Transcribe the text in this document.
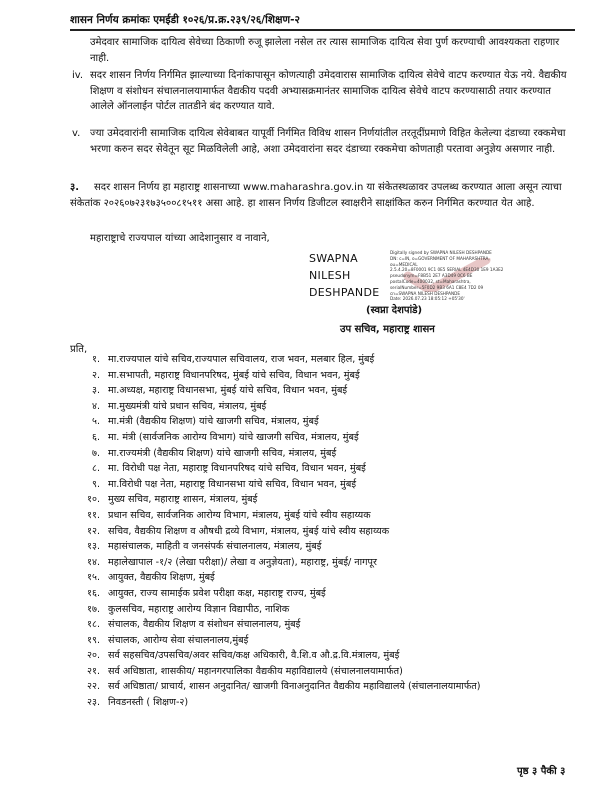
शासन निर्णय क्रमांकः एमईडी १०२६/प्र.क्र.२३९/२६/शिक्षण-२
उमेदवार सामाजिक दायित्व सेवेच्या ठिकाणी रुजू झालेला नसेल तर त्यास सामाजिक दायित्व सेवा पुर्ण करण्याची आवश्यकता राहणार नाही.
iv. सदर शासन निर्णय निर्गमित झाल्याच्या दिनांकापासून कोणत्याही उमेदवारास सामाजिक दायित्व सेवेचे वाटप करण्यात येऊ नये. वैद्यकीय शिक्षण व संशोधन संचालनालयामार्फत वैद्यकीय पदवी अभ्यासक्रमानंतर सामाजिक दायित्व सेवेचे वाटप करण्यासाठी तयार करण्यात आलेले ऑनलाईन पोर्टल तातडीने बंद करण्यात यावे.
v. ज्या उमेदवारांनी सामाजिक दायित्व सेवेबाबत यापूर्वी निर्गमित विविध शासन निर्णयांतील तरतूदींप्रमाणे विहित केलेल्या दंडाच्या रक्कमेचा भरणा करुन सदर सेवेतून सूट मिळविलेली आहे, अशा उमेदवारांना सदर दंडाच्या रक्कमेचा कोणताही परतावा अनुज्ञेय असणार नाही.
३.	सदर शासन निर्णय हा महाराष्ट्र शासनाच्या www.maharashra.gov.in या संकेतस्थळावर उपलब्ध करण्यात आला असून त्याचा संकेतांक २०२६०७२३१७३५००८१५११ असा आहे. हा शासन निर्णय डिजीटल स्वाक्षरीने साक्षांकित करुन निर्गमित करण्यात येत आहे.
महाराष्ट्राचे राज्यपाल यांच्या आदेशानुसार व नावाने,
SWAPNA
NILESH
DESHPANDE
Digitally signed by SWAPNA NILESH DESHPANDE
DN: c=IN, o=GOVERNMENT OF MAHARASHTRA,
ou=MEDICAL
2.5.4.20=8F0001 9C1 0E5 SERIAL 4E4D30 1E9 1A3E2
pseudonym=F8B51 2E7 A3D49 0C6 BE
postalCode=400032, st=Maharashtra,
serialNumber=5F0D2 9B3 6A1 C8E4 7D2 09
cn=SWAPNA NILESH DESHPANDE
Date: 2026.07.23 18:05:12 +05'30'
(स्वप्ना देशपांडे)
उप सचिव, महाराष्ट्र शासन
प्रति,
१. मा.राज्यपाल यांचे सचिव,राज्यपाल सचिवालय, राज भवन, मलबार हिल, मुंबई
२. मा.सभापती, महाराष्ट्र विधानपरिषद, मुंबई यांचे सचिव, विधान भवन, मुंबई
३. मा.अध्यक्ष, महाराष्ट्र विधानसभा, मुंबई यांचे सचिव, विधान भवन, मुंबई
४. मा.मुख्यमंत्री यांचे प्रधान सचिव, मंत्रालय, मुंबई
५. मा.मंत्री (वैद्यकीय शिक्षण) यांचे खाजगी सचिव, मंत्रालय, मुंबई
६. मा. मंत्री (सार्वजनिक आरोग्य विभाग) यांचे खाजगी सचिव, मंत्रालय, मुंबई
७. मा.राज्यमंत्री (वैद्यकीय शिक्षण) यांचे खाजगी सचिव, मंत्रालय, मुंबई
८. मा. विरोधी पक्ष नेता, महाराष्ट्र विधानपरिषद यांचे सचिव, विधान भवन, मुंबई
९. मा.विरोधी पक्ष नेता, महाराष्ट्र विधानसभा यांचे सचिव, विधान भवन, मुंबई
१०. मुख्य सचिव, महाराष्ट्र शासन, मंत्रालय, मुंबई
११. प्रधान सचिव, सार्वजनिक आरोग्य विभाग, मंत्रालय, मुंबई यांचे स्वीय सहाय्यक
१२. सचिव, वैद्यकीय शिक्षण व औषधी द्रव्ये विभाग, मंत्रालय, मुंबई यांचे स्वीय सहाय्यक
१३. महासंचालक, माहिती व जनसंपर्क संचालनालय, मंत्रालय, मुंबई
१४. महालेखापाल -१/२ (लेखा परीक्षा)/ लेखा व अनुज्ञेयता), महाराष्ट्र, मुंबई/ नागपूर
१५. आयुक्त, वैद्यकीय शिक्षण, मुंबई
१६. आयुक्त, राज्य सामाईक प्रवेश परीक्षा कक्ष, महाराष्ट्र राज्य, मुंबई
१७. कुलसचिव, महाराष्ट्र आरोग्य विज्ञान विद्यापीठ, नाशिक
१८. संचालक, वैद्यकीय शिक्षण व संशोधन संचालनालय, मुंबई
१९. संचालक, आरोग्य सेवा संचालनालय,मुंबई
२०. सर्व सहसचिव/उपसचिव/अवर सचिव/कक्ष अधिकारी, वै.शि.व औ.द्र.वि.मंत्रालय, मुंबई
२१. सर्व अधिष्ठाता, शासकीय/ महानगरपालिका वैद्यकीय महाविद्यालये (संचालनालयामार्फत)
२२. सर्व अधिष्ठाता/ प्राचार्य, शासन अनुदानित/ खाजगी विनाअनुदानित वैद्यकीय महाविद्यालये (संचालनालयामार्फत)
२३. निवडनस्ती ( शिक्षण-२)
पृष्ठ ३ पैकी ३
